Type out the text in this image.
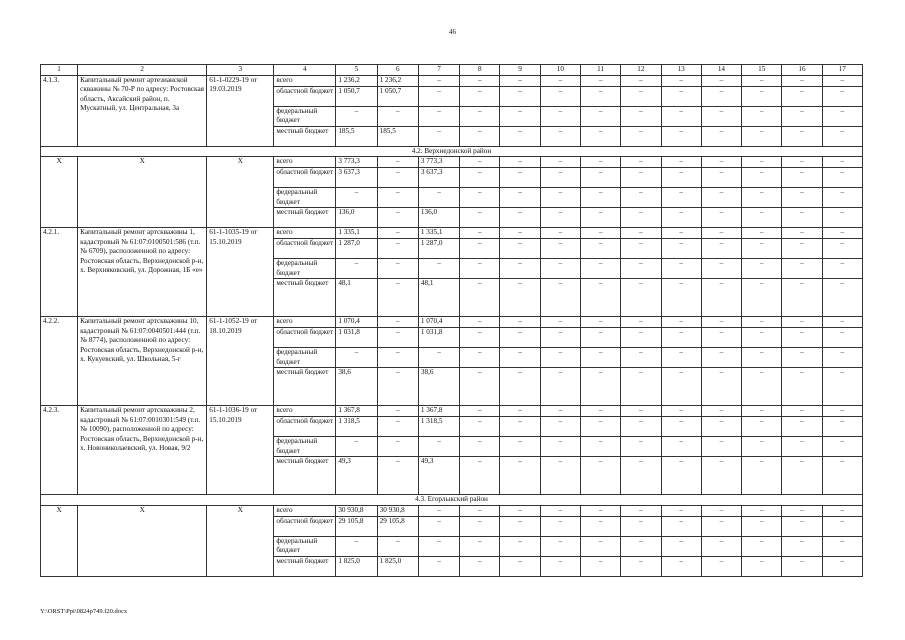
46
1	2	3	4	5	6	7	8	9	10	11	12	13	14	15	16	17
4.1.3.	Капитальный ремонт артезианской скважины № 70-Р по адресу: Ростовская область, Аксайский район, п. Мускатный, ул. Центральная, 3а	61-1-0229-19 от 19.03.2019	всего	1 236,2	1 236,2	–	–	–	–	–	–	–	–	–	–	–
			областной бюджет	1 050,7	1 050,7	–	–	–	–	–	–	–	–	–	–	–
			федеральный бюджет	–	–	–	–	–	–	–	–	–	–	–	–	–
			местный бюджет	185,5	185,5	–	–	–	–	–	–	–	–	–	–	–
4.2. Верхнедонской район																
X	X	X	всего	3 773,3	–	3 773,3	–	–	–	–	–	–	–	–	–	–
			областной бюджет	3 637,3	–	3 637,3	–	–	–	–	–	–	–	–	–	–
			федеральный бюджет	–	–	–	–	–	–	–	–	–	–	–	–	–
			местный бюджет	136,0	–	136,0	–	–	–	–	–	–	–	–	–	–
4.2.1.	Капитальный ремонт артскважины 1, кадастровый № 61:07:0100501:586 (т.п. № 6709), расположенной по адресу: Ростовская область, Верхнедонской р-н, х. Верхняковский, ул. Дорожная, 1Б «е»	61-1-1035-19 от 15.10.2019	всего	1 335,1	–	1 335,1	–	–	–	–	–	–	–	–	–	–
			областной бюджет	1 287,0	–	1 287,0	–	–	–	–	–	–	–	–	–	–
			федеральный бюджет	–	–	–	–	–	–	–	–	–	–	–	–	–
			местный бюджет	48,1	–	48,1	–	–	–	–	–	–	–	–	–	–
4.2.2.	Капитальный ремонт артскважины 10, кадастровый № 61:07:0040501:444 (т.п. № 8774), расположенной по адресу: Ростовская область, Верхнедонской р-н, х. Кукуевский, ул. Школьная, 5-г	61-1-1052-19 от 18.10.2019	всего	1 070,4	–	1 070,4	–	–	–	–	–	–	–	–	–	–
			областной бюджет	1 031,8	–	1 031,8	–	–	–	–	–	–	–	–	–	–
			федеральный бюджет	–	–	–	–	–	–	–	–	–	–	–	–	–
			местный бюджет	38,6	–	38,6	–	–	–	–	–	–	–	–	–	–
4.2.3.	Капитальный ремонт артскважины 2, кадастровый № 61:07:0010301:549 (т.п. № 10090), расположенной по адресу: Ростовская область, Верхнедонской р-н, х. Новониколаевский, ул. Новая, 9/2	61-1-1036-19 от 15.10.2019	всего	1 367,8	–	1 367,8	–	–	–	–	–	–	–	–	–	–
			областной бюджет	1 318,5	–	1 318,5	–	–	–	–	–	–	–	–	–	–
			федеральный бюджет	–	–	–	–	–	–	–	–	–	–	–	–	–
			местный бюджет	49,3	–	49,3	–	–	–	–	–	–	–	–	–	–
4.3. Егорлыкский район																
X	X	X	всего	30 930,8	30 930,8	–	–	–	–	–	–	–	–	–	–	–
			областной бюджет	29 105,8	29 105,8	–	–	–	–	–	–	–	–	–	–	–
			федеральный бюджет	–	–	–	–	–	–	–	–	–	–	–	–	–
			местный бюджет	1 825,0	1 825,0	–	–	–	–	–	–	–	–	–	–	–
Y:\ORST\Ppi\0824p749.f20.docx
